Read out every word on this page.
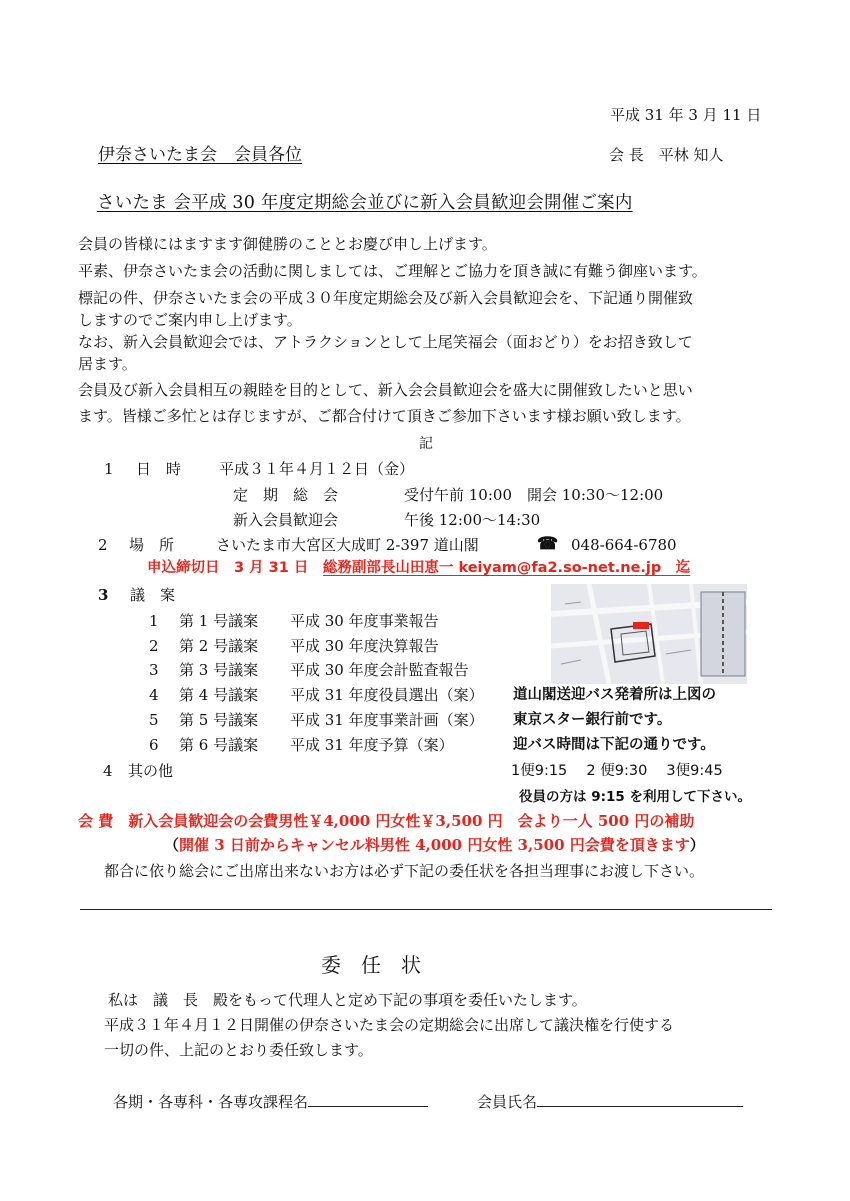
平成 31 年 3 月 11 日
伊奈さいたま会　会員各位	会 長　平林 知人
さいたま 会平成 30 年度定期総会並びに新入会員歓迎会開催ご案内
会員の皆様にはますます御健勝のこととお慶び申し上げます。
平素、伊奈さいたま会の活動に関しましては、ご理解とご協力を頂き誠に有難う御座います。
標記の件、伊奈さいたま会の平成３０年度定期総会及び新入会員歓迎会を、下記通り開催致
しますのでご案内申し上げます。
なお、新入会員歓迎会では、アトラクションとして上尾笑福会（面おどり）をお招き致して
居ます。
会員及び新入会員相互の親睦を目的として、新入会会員歓迎会を盛大に開催致したいと思い
ます。皆様ご多忙とは存じますが、ご都合付けて頂きご参加下さいます様お願い致します。
記
1 日　時	平成３１年４月１２日（金）
定　期　総　会	受付午前 10:00　開会 10:30～12:00
新入会員歓迎会	午後 12:00～14:30
2 場　所	さいたま市大宮区大成町 2-397 道山閣	☎ 048-664-6780
申込締切日　3 月 31 日　総務副部長山田恵一 keiyam@fa2.so-net.ne.jp　迄
3 議　案
1 第 1 号議案 平成 30 年度事業報告
2 第 2 号議案 平成 30 年度決算報告
3 第 3 号議案 平成 30 年度会計監査報告
4 第 4 号議案 平成 31 年度役員選出（案）
5 第 5 号議案 平成 31 年度事業計画（案）
6 第 6 号議案 平成 31 年度予算（案）
4 其の他
道山閣送迎バス発着所は上図の
東京スター銀行前です。
迎バス時間は下記の通りです。
1便9:15　 2 便9:30　 3便9:45
役員の方は 9:15 を利用して下さい。
会 費　新入会員歓迎会の会費男性￥4,000 円女性￥3,500 円　会より一人 500 円の補助
（開催 3 日前からキャンセル料男性 4,000 円女性 3,500 円会費を頂きます）
都合に依り総会にご出席出来ないお方は必ず下記の委任状を各担当理事にお渡し下さい。
委任状
私は　議　長　殿をもって代理人と定め下記の事項を委任いたします。
平成３１年４月１２日開催の伊奈さいたま会の定期総会に出席して議決権を行使する
一切の件、上記のとおり委任致します。
各期・各専科・各専攻課程名	会員氏名
